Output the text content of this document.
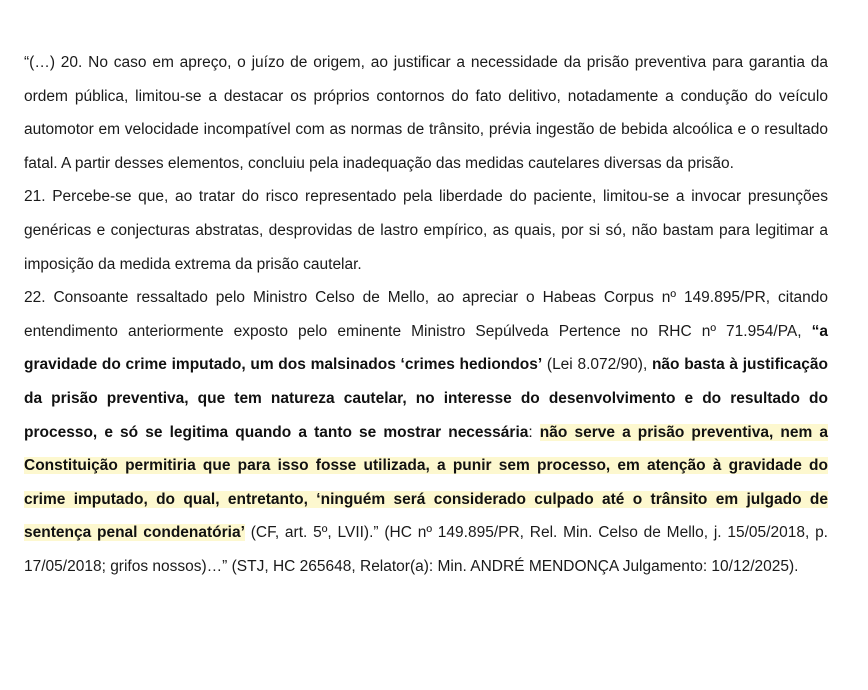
“(…) 20. No caso em apreço, o juízo de origem, ao justificar a necessidade da prisão preventiva para garantia da ordem pública, limitou-se a destacar os próprios contornos do fato delitivo, notadamente a condução do veículo automotor em velocidade incompatível com as normas de trânsito, prévia ingestão de bebida alcoólica e o resultado fatal. A partir desses elementos, concluiu pela inadequação das medidas cautelares diversas da prisão.

21. Percebe-se que, ao tratar do risco representado pela liberdade do paciente, limitou-se a invocar presunções genéricas e conjecturas abstratas, desprovidas de lastro empírico, as quais, por si só, não bastam para legitimar a imposição da medida extrema da prisão cautelar.

22. Consoante ressaltado pelo Ministro Celso de Mello, ao apreciar o Habeas Corpus nº 149.895/PR, citando entendimento anteriormente exposto pelo eminente Ministro Sepúlveda Pertence no RHC nº 71.954/PA, “a gravidade do crime imputado, um dos malsinados ‘crimes hediondos’ (Lei 8.072/90), não basta à justificação da prisão preventiva, que tem natureza cautelar, no interesse do desenvolvimento e do resultado do processo, e só se legitima quando a tanto se mostrar necessária: não serve a prisão preventiva, nem a Constituição permitiria que para isso fosse utilizada, a punir sem processo, em atenção à gravidade do crime imputado, do qual, entretanto, ‘ninguém será considerado culpado até o trânsito em julgado de sentença penal condenatória’ (CF, art. 5º, LVII).” (HC nº 149.895/PR, Rel. Min. Celso de Mello, j. 15/05/2018, p. 17/05/2018; grifos nossos)…” (STJ, HC 265648, Relator(a): Min. ANDRÉ MENDONÇA Julgamento: 10/12/2025).
